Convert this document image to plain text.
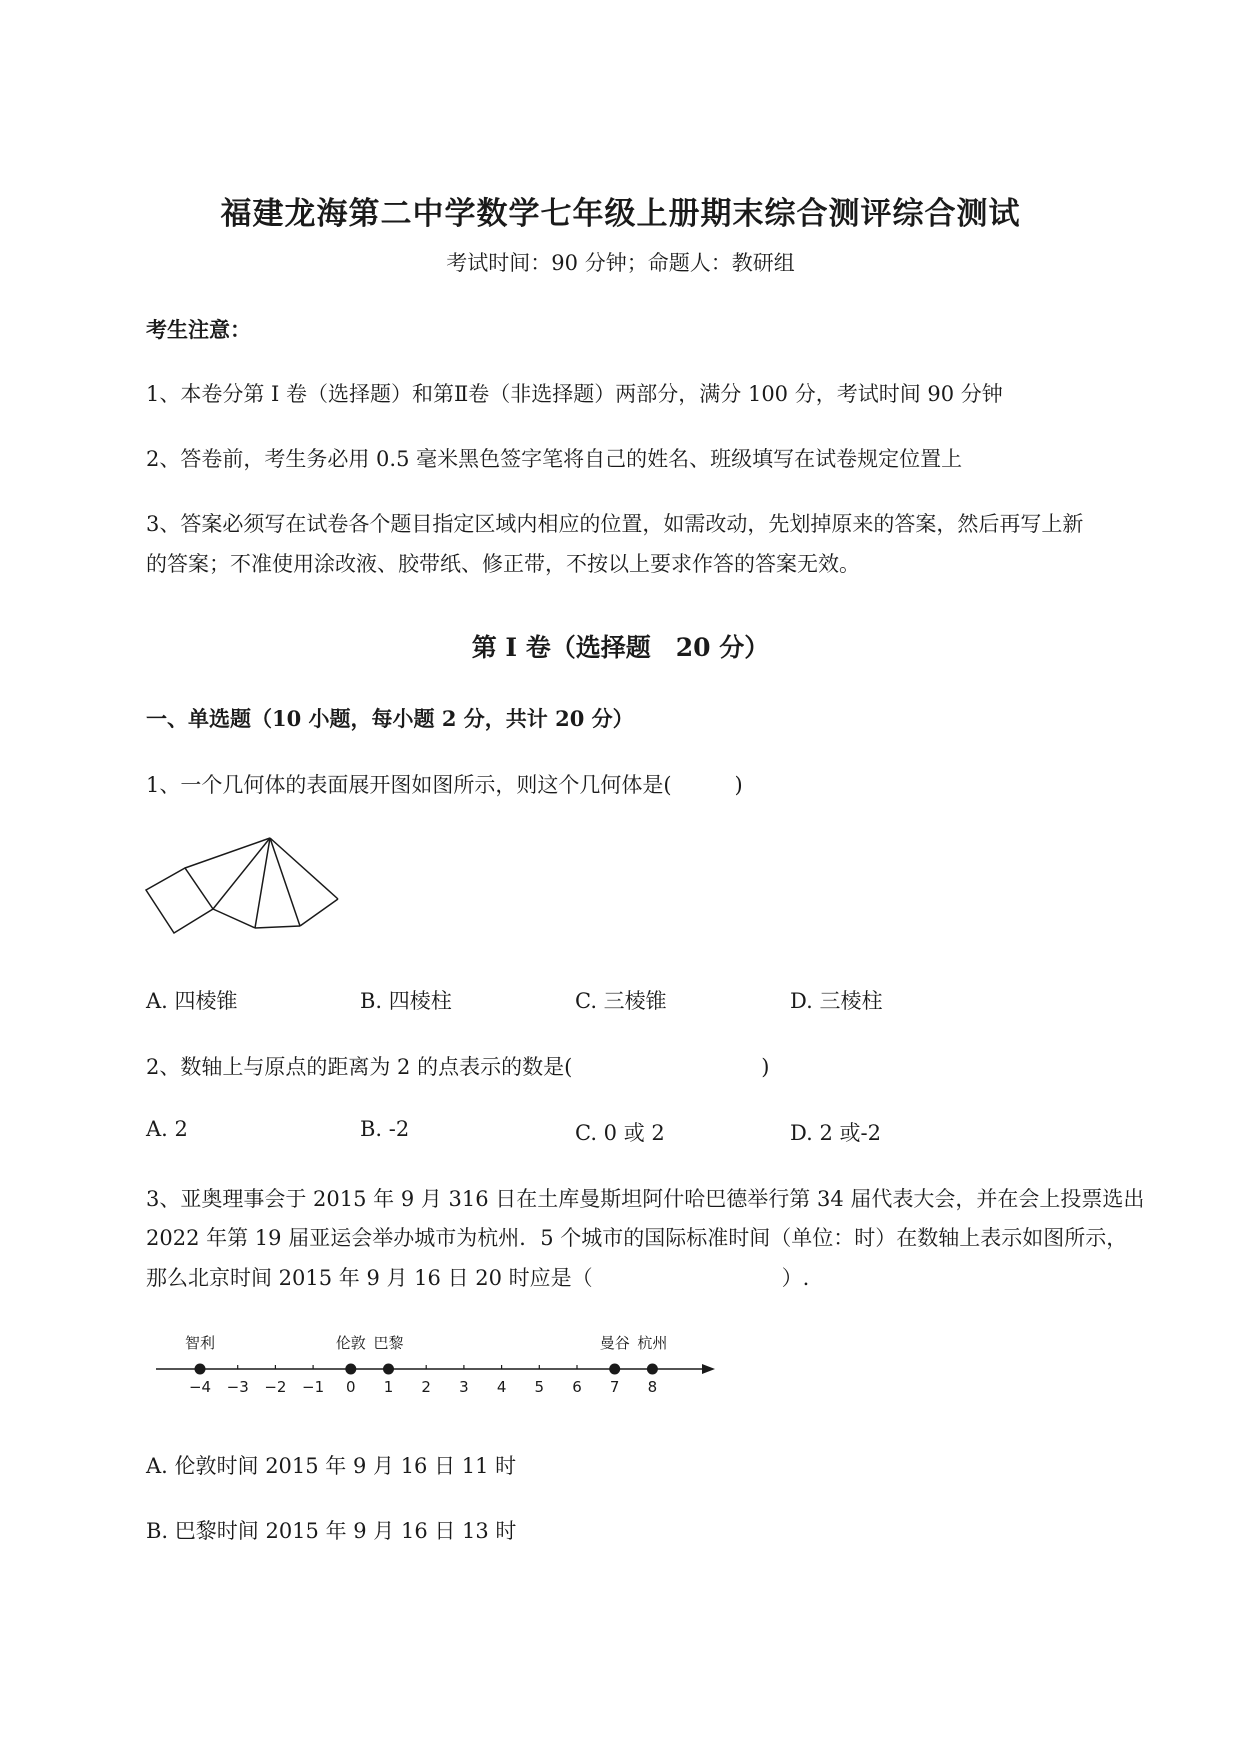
福建龙海第二中学数学七年级上册期末综合测评综合测试
考试时间：90 分钟；命题人：教研组
考生注意：
1、本卷分第 I 卷（选择题）和第Ⅱ卷（非选择题）两部分，满分 100 分，考试时间 90 分钟
2、答卷前，考生务必用 0.5 毫米黑色签字笔将自己的姓名、班级填写在试卷规定位置上
3、答案必须写在试卷各个题目指定区域内相应的位置，如需改动，先划掉原来的答案，然后再写上新
的答案；不准使用涂改液、胶带纸、修正带，不按以上要求作答的答案无效。
第 I 卷（选择题　20 分）
一、单选题（10 小题，每小题 2 分，共计 20 分）
1、一个几何体的表面展开图如图所示，则这个几何体是(　　　)
A. 四棱锥	B. 四棱柱	C. 三棱锥	D. 三棱柱
2、数轴上与原点的距离为 2 的点表示的数是(　　　　　　　　　)
A. 2	B. -2	C. 0 或 2	D. 2 或-2
3、亚奥理事会于 2015 年 9 月 316 日在土库曼斯坦阿什哈巴德举行第 34 届代表大会，并在会上投票选出
2022 年第 19 届亚运会举办城市为杭州．5 个城市的国际标准时间（单位：时）在数轴上表示如图所示，
那么北京时间 2015 年 9 月 16 日 20 时应是（　　　　　　　　　）.
−4 −3 −2 −1 0 1 2 3 4 5 6 7 8
智利	伦敦 巴黎	曼谷 杭州
A. 伦敦时间 2015 年 9 月 16 日 11 时
B. 巴黎时间 2015 年 9 月 16 日 13 时
